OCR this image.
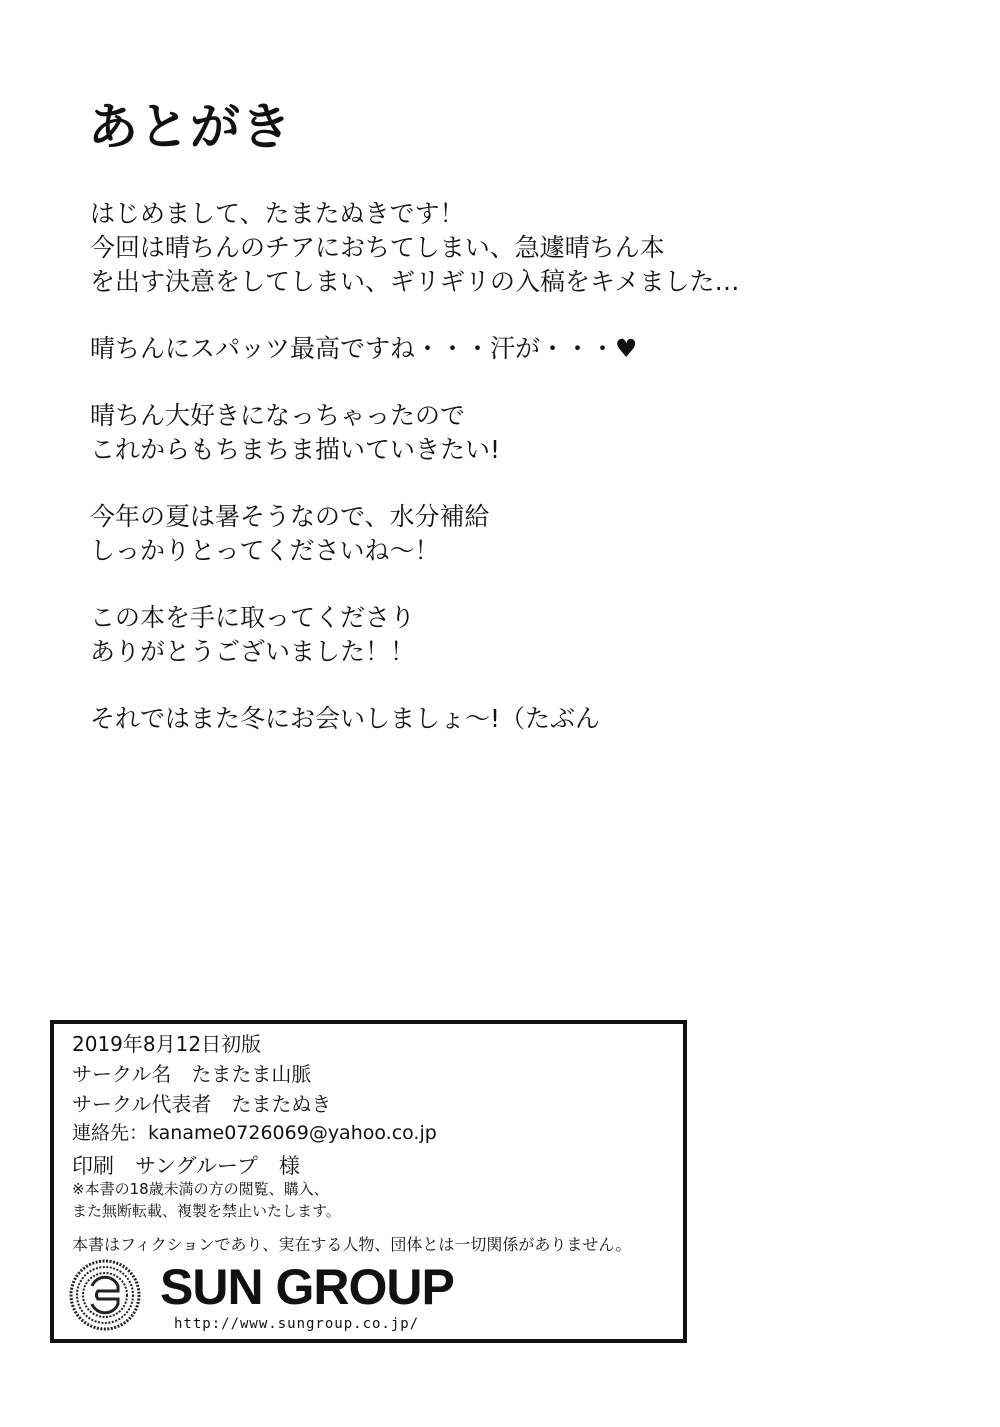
あとがき
はじめまして、たまたぬきです！
今回は晴ちんのチアにおちてしまい、急遽晴ちん本
を出す決意をしてしまい、ギリギリの入稿をキメました…
晴ちんにスパッツ最高ですね・・・汗が・・・♥
晴ちん大好きになっちゃったので
これからもちまちま描いていきたい!
今年の夏は暑そうなので、水分補給
しっかりとってくださいね～！
この本を手に取ってくださり
ありがとうございました！！
それではまた冬にお会いしましょ～!（たぶん
2019年8月12日初版
サークル名　たまたま山脈
サークル代表者　たまたぬき
連絡先：kaname0726069@yahoo.co.jp
印刷　サングループ　様
※本書の18歳未満の方の閲覧、購入、
また無断転載、複製を禁止いたします。
本書はフィクションであり、実在する人物、団体とは一切関係がありません。
SUN GROUP
http://www.sungroup.co.jp/
